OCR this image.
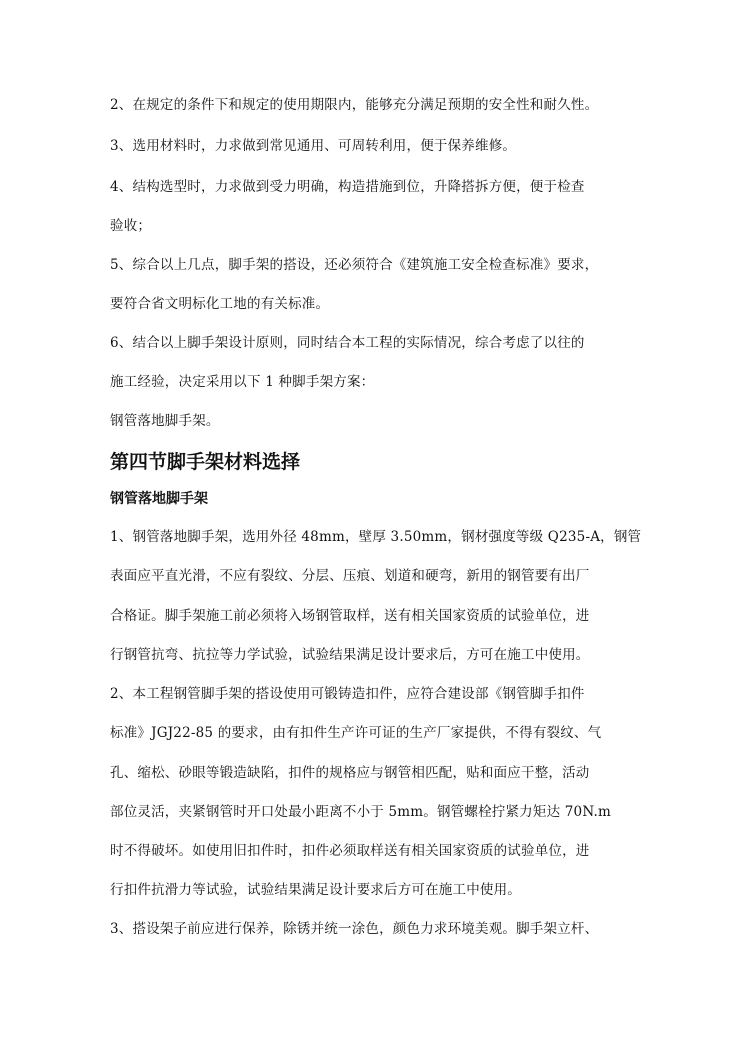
2、在规定的条件下和规定的使用期限内，能够充分满足预期的安全性和耐久性。
3、选用材料时，力求做到常见通用、可周转利用，便于保养维修。
4、结构选型时，力求做到受力明确，构造措施到位，升降搭拆方便，便于检查
验收；
5、综合以上几点，脚手架的搭设，还必须符合《建筑施工安全检查标准》要求，
要符合省文明标化工地的有关标准。
6、结合以上脚手架设计原则，同时结合本工程的实际情况，综合考虑了以往的
施工经验，决定采用以下 1 种脚手架方案：
钢管落地脚手架。
第四节脚手架材料选择
钢管落地脚手架
1、钢管落地脚手架，选用外径 48mm，壁厚 3.50mm，钢材强度等级 Q235-A，钢管
表面应平直光滑，不应有裂纹、分层、压痕、划道和硬弯，新用的钢管要有出厂
合格证。脚手架施工前必须将入场钢管取样，送有相关国家资质的试验单位，进
行钢管抗弯、抗拉等力学试验，试验结果满足设计要求后，方可在施工中使用。
2、本工程钢管脚手架的搭设使用可锻铸造扣件，应符合建设部《钢管脚手扣件
标准》JGJ22-85 的要求，由有扣件生产许可证的生产厂家提供，不得有裂纹、气
孔、缩松、砂眼等锻造缺陷，扣件的规格应与钢管相匹配，贴和面应干整，活动
部位灵活，夹紧钢管时开口处最小距离不小于 5mm。钢管螺栓拧紧力矩达 70N.m
时不得破坏。如使用旧扣件时，扣件必须取样送有相关国家资质的试验单位，进
行扣件抗滑力等试验，试验结果满足设计要求后方可在施工中使用。
3、搭设架子前应进行保养，除锈并统一涂色，颜色力求环境美观。脚手架立杆、
